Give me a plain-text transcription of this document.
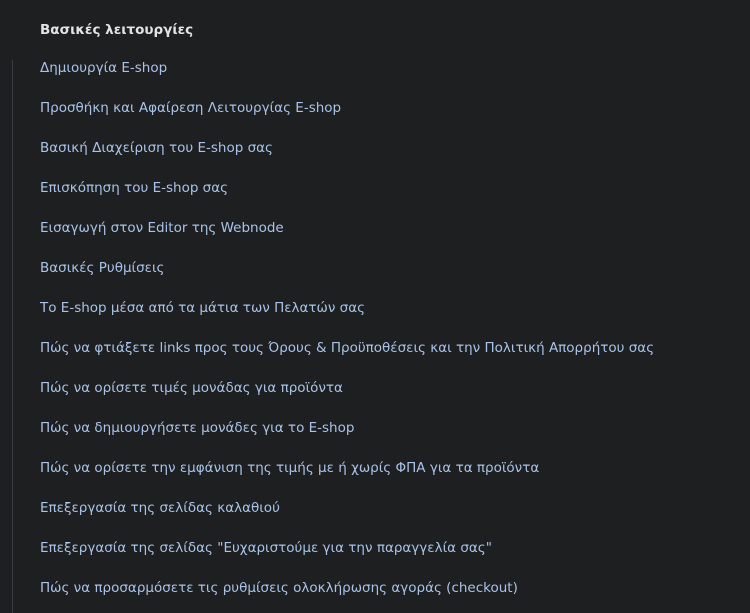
Βασικές λειτουργίες
Δημιουργία E-shop
Προσθήκη και Αφαίρεση Λειτουργίας E-shop
Βασική Διαχείριση του E-shop σας
Επισκόπηση του E-shop σας
Εισαγωγή στον Editor της Webnode
Βασικές Ρυθμίσεις
Το E-shop μέσα από τα μάτια των Πελατών σας
Πώς να φτιάξετε links προς τους Όρους & Προϋποθέσεις και την Πολιτική Απορρήτου σας
Πώς να ορίσετε τιμές μονάδας για προϊόντα
Πώς να δημιουργήσετε μονάδες για το E-shop
Πώς να ορίσετε την εμφάνιση της τιμής με ή χωρίς ΦΠΑ για τα προϊόντα
Επεξεργασία της σελίδας καλαθιού
Επεξεργασία της σελίδας "Ευχαριστούμε για την παραγγελία σας"
Πώς να προσαρμόσετε τις ρυθμίσεις ολοκλήρωσης αγοράς (checkout)
